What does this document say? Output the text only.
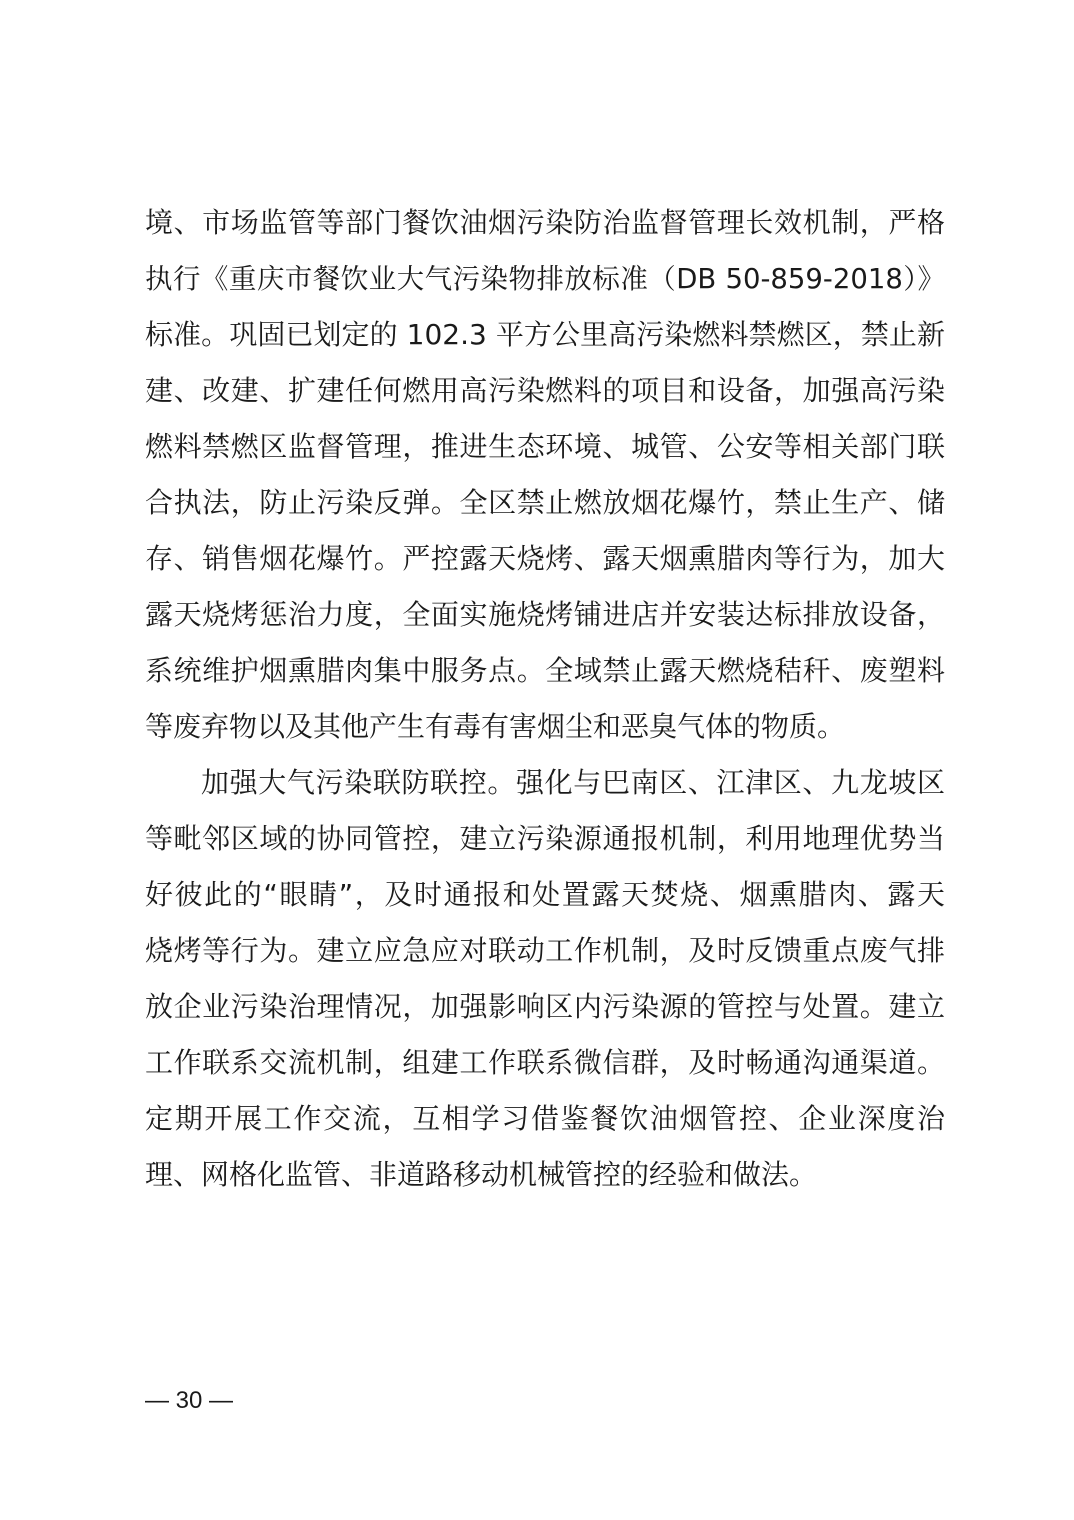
境、市场监管等部门餐饮油烟污染防治监督管理长效机制，严格
执行《重庆市餐饮业大气污染物排放标准（DB 50-859-2018）》
标准。巩固已划定的 102.3 平方公里高污染燃料禁燃区，禁止新
建、改建、扩建任何燃用高污染燃料的项目和设备，加强高污染
燃料禁燃区监督管理，推进生态环境、城管、公安等相关部门联
合执法，防止污染反弹。全区禁止燃放烟花爆竹，禁止生产、储
存、销售烟花爆竹。严控露天烧烤、露天烟熏腊肉等行为，加大
露天烧烤惩治力度，全面实施烧烤铺进店并安装达标排放设备，
系统维护烟熏腊肉集中服务点。全域禁止露天燃烧秸秆、废塑料
等废弃物以及其他产生有毒有害烟尘和恶臭气体的物质。
加强大气污染联防联控。强化与巴南区、江津区、九龙坡区
等毗邻区域的协同管控，建立污染源通报机制，利用地理优势当
好彼此的“眼睛”，及时通报和处置露天焚烧、烟熏腊肉、露天
烧烤等行为。建立应急应对联动工作机制，及时反馈重点废气排
放企业污染治理情况，加强影响区内污染源的管控与处置。建立
工作联系交流机制，组建工作联系微信群，及时畅通沟通渠道。
定期开展工作交流，互相学习借鉴餐饮油烟管控、企业深度治
理、网格化监管、非道路移动机械管控的经验和做法。
— 30 —
